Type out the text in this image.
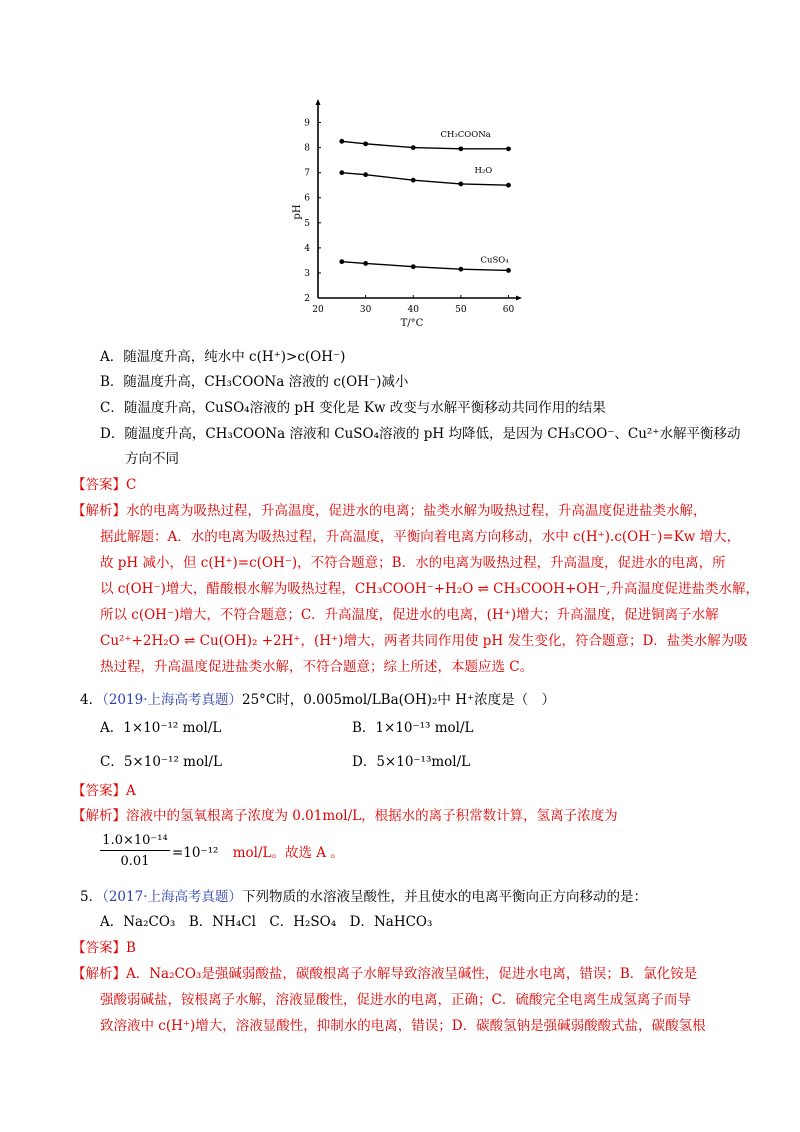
20	30	40	50	60
2
3
4
5
6
7
8
9
T/°C
pH
CH₃COONa
H₂O
CuSO₄
A．随温度升高，纯水中 c(H⁺)>c(OH⁻)
B．随温度升高，CH₃COONa 溶液的 c(OH⁻)减小
C．随温度升高，CuSO₄溶液的 pH 变化是 Kw 改变与水解平衡移动共同作用的结果
D．随温度升高，CH₃COONa 溶液和 CuSO₄溶液的 pH 均降低，是因为 CH₃COO⁻、Cu²⁺水解平衡移动
方向不同
【答案】C
【解析】水的电离为吸热过程，升高温度，促进水的电离；盐类水解为吸热过程，升高温度促进盐类水解，
据此解题：A．水的电离为吸热过程，升高温度，平衡向着电离方向移动，水中 c(H⁺).c(OH⁻)=Kw 增大，
故 pH 减小，但 c(H⁺)=c(OH⁻)，不符合题意；B．水的电离为吸热过程，升高温度，促进水的电离，所
以 c(OH⁻)增大，醋酸根水解为吸热过程，CH₃COOH⁻+H₂O ⇌ CH₃COOH+OH⁻,升高温度促进盐类水解，
所以 c(OH⁻)增大，不符合题意；C．升高温度，促进水的电离，(H⁺)增大；升高温度，促进铜离子水解
Cu²⁺+2H₂O ⇌ Cu(OH)₂ +2H⁺，(H⁺)增大，两者共同作用使 pH 发生变化，符合题意；D．盐类水解为吸
热过程，升高温度促进盐类水解，不符合题意；综上所述，本题应选 C。
4．（2019·上海高考真题）25°C时，0.005mol/LBa(OH)₂中 H⁺浓度是（　）
A．1×10⁻¹² mol/L	B．1×10⁻¹³ mol/L
C．5×10⁻¹² mol/L	D．5×10⁻¹³mol/L
【答案】A
【解析】溶液中的氢氧根离子浓度为 0.01mol/L，根据水的离子积常数计算，氢离子浓度为
$\frac{\text{1.0×10⁻¹⁴}}{0.01} =10^{-12}$ mol/L。故选 A 。
5．（2017·上海高考真题）下列物质的水溶液呈酸性，并且使水的电离平衡向正方向移动的是：
A．Na₂CO₃　B．NH₄Cl　C．H₂SO₄　D．NaHCO₃
【答案】B
【解析】A．Na₂CO₃是强碱弱酸盐，碳酸根离子水解导致溶液呈碱性，促进水电离，错误；B．氯化铵是
强酸弱碱盐，铵根离子水解，溶液显酸性，促进水的电离，正确；C．硫酸完全电离生成氢离子而导
致溶液中 c(H⁺)增大，溶液显酸性，抑制水的电离，错误；D．碳酸氢钠是强碱弱酸酸式盐，碳酸氢根
